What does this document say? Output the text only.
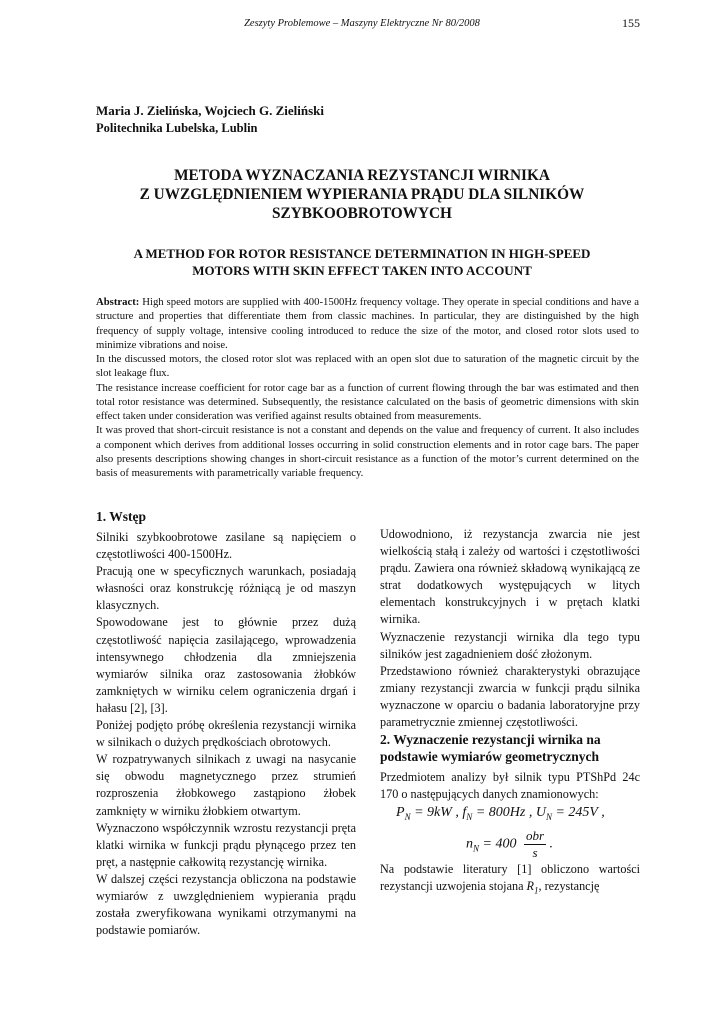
Zeszyty Problemowe – Maszyny Elektryczne Nr 80/2008	155
Maria J. Zielińska, Wojciech G. Zieliński
Politechnika Lubelska, Lublin
METODA WYZNACZANIA REZYSTANCJI WIRNIKA
Z UWZGLĘDNIENIEM WYPIERANIA PRĄDU DLA SILNIKÓW
SZYBKOOBROTOWYCH
A METHOD FOR ROTOR RESISTANCE DETERMINATION IN HIGH-SPEED
MOTORS WITH SKIN EFFECT TAKEN INTO ACCOUNT

Abstract: High speed motors are supplied with 400-1500Hz frequency voltage. They operate in special conditions and have a structure and properties that differentiate them from classic machines. In particular, they are distinguished by the high frequency of supply voltage, intensive cooling introduced to reduce the size of the motor, and closed rotor slots used to minimize vibrations and noise.

In the discussed motors, the closed rotor slot was replaced with an open slot due to saturation of the magnetic circuit by the slot leakage flux.

The resistance increase coefficient for rotor cage bar as a function of current flowing through the bar was estimated and then total rotor resistance was determined. Subsequently, the resistance calculated on the basis of geometric dimensions with skin effect taken under consideration was verified against results obtained from measurements.

It was proved that short-circuit resistance is not a constant and depends on the value and frequency of current. It also includes a component which derives from additional losses occurring in solid construction elements and in rotor cage bars. The paper also presents descriptions showing changes in short-circuit resistance as a function of the motor’s current determined on the basis of measurements with parametrically variable frequency.

1. Wstęp

Silniki szybkoobrotowe zasilane są napięciem o częstotliwości 400-1500Hz.

Pracują one w specyficznych warunkach, posiadają własności oraz konstrukcję różniącą je od maszyn klasycznych.

Spowodowane jest to głównie przez dużą częstotliwość napięcia zasilającego, wprowadzenia intensywnego chłodzenia dla zmniejszenia wymiarów silnika oraz zastosowania żłobków zamkniętych w wirniku celem ograniczenia drgań i hałasu [2], [3].

Poniżej podjęto próbę określenia rezystancji wirnika w silnikach o dużych prędkościach obrotowych.

W rozpatrywanych silnikach z uwagi na nasycanie się obwodu magnetycznego przez strumień rozproszenia żłobkowego zastąpiono żłobek zamknięty w wirniku żłobkiem otwartym.

Wyznaczono współczynnik wzrostu rezystancji pręta klatki wirnika w funkcji prądu płynącego przez ten pręt, a następnie całkowitą rezystancję wirnika.

W dalszej części rezystancja obliczona na podstawie wymiarów z uwzględnieniem wypierania prądu została zweryfikowana wynikami otrzymanymi na podstawie pomiarów.

Udowodniono, iż rezystancja zwarcia nie jest wielkością stałą i zależy od wartości i częstotliwości prądu. Zawiera ona również składową wynikającą ze strat dodatkowych występujących w litych elementach konstrukcyjnych i w prętach klatki wirnika.

Wyznaczenie rezystancji wirnika dla tego typu silników jest zagadnieniem dość złożonym.

Przedstawiono również charakterystyki obrazujące zmiany rezystancji zwarcia w funkcji prądu silnika wyznaczone w oparciu o badania laboratoryjne przy parametrycznie zmiennej częstotliwości.

2. Wyznaczenie rezystancji wirnika na podstawie wymiarów geometrycznych

Przedmiotem analizy był silnik typu PTShPd 24c 170 o następujących danych znamionowych:

$P_N = 9kW$ , $f_N = 800Hz$ , $U_N = 245V$ ,
$n_N = 400 \frac{\text{obr}}{s}$ .

Na podstawie literatury [1] obliczono wartości rezystancji uzwojenia stojana $R_1$, rezystancję
